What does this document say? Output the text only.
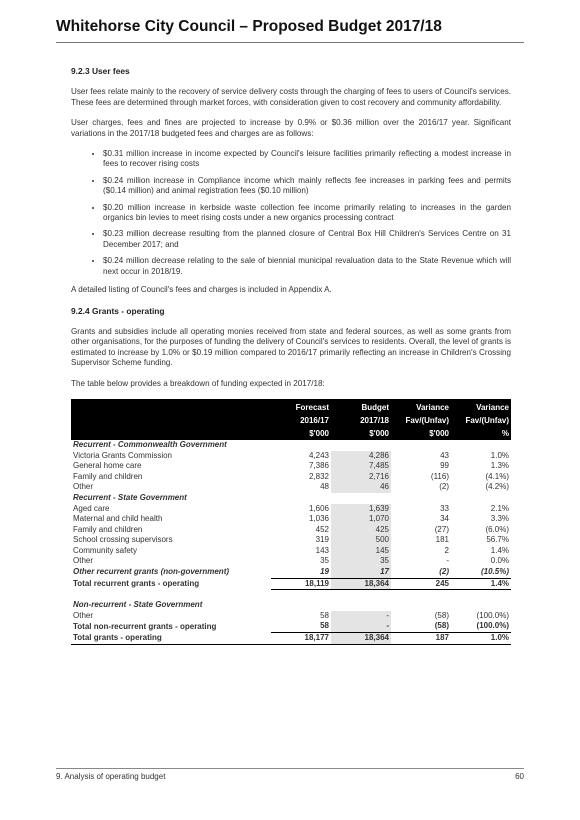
Whitehorse City Council – Proposed Budget 2017/18
9.2.3 User fees

User fees relate mainly to the recovery of service delivery costs through the charging of fees to users of Council's services. These fees are determined through market forces, with consideration given to cost recovery and community affordability.

User charges, fees and fines are projected to increase by 0.9% or $0.36 million over the 2016/17 year. Significant variations in the 2017/18 budgeted fees and charges are as follows:

• $0.31 million increase in income expected by Council's leisure facilities primarily reflecting a modest increase in fees to recover rising costs
• $0.24 million increase in Compliance income which mainly reflects fee increases in parking fees and permits ($0.14 million) and animal registration fees ($0.10 million)
• $0.20 million increase in kerbside waste collection fee income primarily relating to increases in the garden organics bin levies to meet rising costs under a new organics processing contract
• $0.23 million decrease resulting from the planned closure of Central Box Hill Children's Services Centre on 31 December 2017; and
• $0.24 million decrease relating to the sale of biennial municipal revaluation data to the State Revenue which will next occur in 2018/19.

A detailed listing of Council's fees and charges is included in Appendix A.

9.2.4 Grants - operating

Grants and subsidies include all operating monies received from state and federal sources, as well as some grants from other organisations, for the purposes of funding the delivery of Council's services to residents. Overall, the level of grants is estimated to increase by 1.0% or $0.19 million compared to 2016/17 primarily reflecting an increase in Children's Crossing Supervisor Scheme funding.

The table below provides a breakdown of funding expected in 2017/18:

	Forecast	Budget	Variance	Variance
	2016/17	2017/18	Fav/(Unfav)	Fav/(Unfav)
	$'000	$'000	$'000	%
Recurrent - Commonwealth Government				
Victoria Grants Commission	4,243	4,286	43	1.0%
General home care	7,386	7,485	99	1.3%
Family and children	2,832	2,716	(116)	(4.1%)
Other	48	46	(2)	(4.2%)
Recurrent - State Government				
Aged care	1,606	1,639	33	2.1%
Maternal and child health	1,036	1,070	34	3.3%
Family and children	452	425	(27)	(6.0%)
School crossing supervisors	319	500	181	56.7%
Community safety	143	145	2	1.4%
Other	35	35	-	0.0%
Other recurrent grants (non-government)	19	17	(2)	(10.5%)
Total recurrent grants - operating	18,119	18,364	245	1.4%

Non-recurrent - State Government				
Other	58	-	(58)	(100.0%)
Total non-recurrent grants - operating	58	-	(58)	(100.0%)
Total grants - operating	18,177	18,364	187	1.0%
9. Analysis of operating budget	60
